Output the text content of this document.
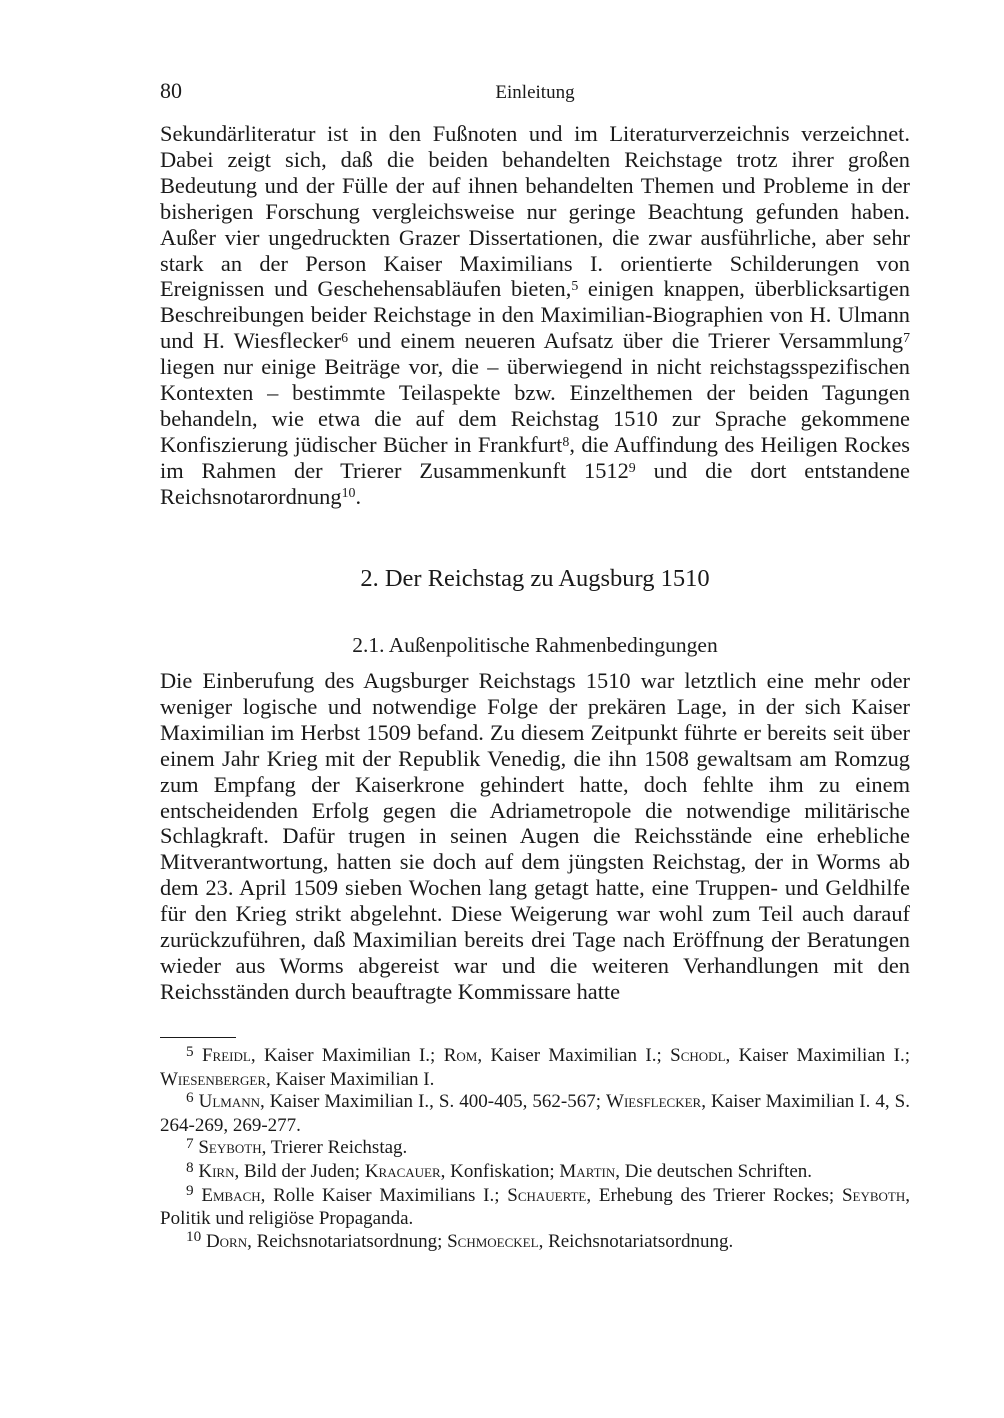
80	Einleitung

Sekundärliteratur ist in den Fußnoten und im Literaturverzeichnis verzeichnet. Dabei zeigt sich, daß die beiden behandelten Reichstage trotz ihrer großen Bedeutung und der Fülle der auf ihnen behandelten Themen und Probleme in der bisherigen Forschung vergleichsweise nur geringe Beachtung gefunden haben. Außer vier ungedruckten Grazer Dissertationen, die zwar ausführliche, aber sehr stark an der Person Kaiser Maximilians I. orientierte Schilderungen von Ereignissen und Geschehensabläufen bieten,$^5$ einigen knappen, überblicksartigen Beschreibungen beider Reichstage in den Maximilian-Biographien von H. Ulmann und H. Wiesflecker$^6$ und einem neueren Aufsatz über die Trierer Versammlung$^7$ liegen nur einige Beiträge vor, die – überwiegend in nicht reichstagsspezifischen Kontexten – bestimmte Teilaspekte bzw. Einzelthemen der beiden Tagungen behandeln, wie etwa die auf dem Reichstag 1510 zur Sprache gekommene Konfiszierung jüdischer Bücher in Frankfurt$^8$, die Auffindung des Heiligen Rockes im Rahmen der Trierer Zusammenkunft 1512$^9$ und die dort entstandene Reichsnotarordnung$^{10}$.

2. Der Reichstag zu Augsburg 1510
2.1. Außenpolitische Rahmenbedingungen

Die Einberufung des Augsburger Reichstags 1510 war letztlich eine mehr oder weniger logische und notwendige Folge der prekären Lage, in der sich Kaiser Maximilian im Herbst 1509 befand. Zu diesem Zeitpunkt führte er bereits seit über einem Jahr Krieg mit der Republik Venedig, die ihn 1508 gewaltsam am Romzug zum Empfang der Kaiserkrone gehindert hatte, doch fehlte ihm zu einem entscheidenden Erfolg gegen die Adriametropole die notwendige militärische Schlagkraft. Dafür trugen in seinen Augen die Reichsstände eine erhebliche Mitverantwortung, hatten sie doch auf dem jüngsten Reichstag, der in Worms ab dem 23. April 1509 sieben Wochen lang getagt hatte, eine Truppen- und Geldhilfe für den Krieg strikt abgelehnt. Diese Weigerung war wohl zum Teil auch darauf zurückzuführen, daß Maximilian bereits drei Tage nach Eröffnung der Beratungen wieder aus Worms abgereist war und die weiteren Verhandlungen mit den Reichsständen durch beauftragte Kommissare hatte

$^5$ Freidl, Kaiser Maximilian I.; Rom, Kaiser Maximilian I.; Schodl, Kaiser Maximilian I.; Wiesenberger, Kaiser Maximilian I.

$^6$ Ulmann, Kaiser Maximilian I., S. 400-405, 562-567; Wiesflecker, Kaiser Maximilian I. 4, S. 264-269, 269-277.

$^7$ Seyboth, Trierer Reichstag.

$^8$ Kirn, Bild der Juden; Kracauer, Konfiskation; Martin, Die deutschen Schriften.

$^9$ Embach, Rolle Kaiser Maximilians I.; Schauerte, Erhebung des Trierer Rockes; Seyboth, Politik und religiöse Propaganda.

$^{10}$ Dorn, Reichsnotariatsordnung; Schmoeckel, Reichsnotariatsordnung.
